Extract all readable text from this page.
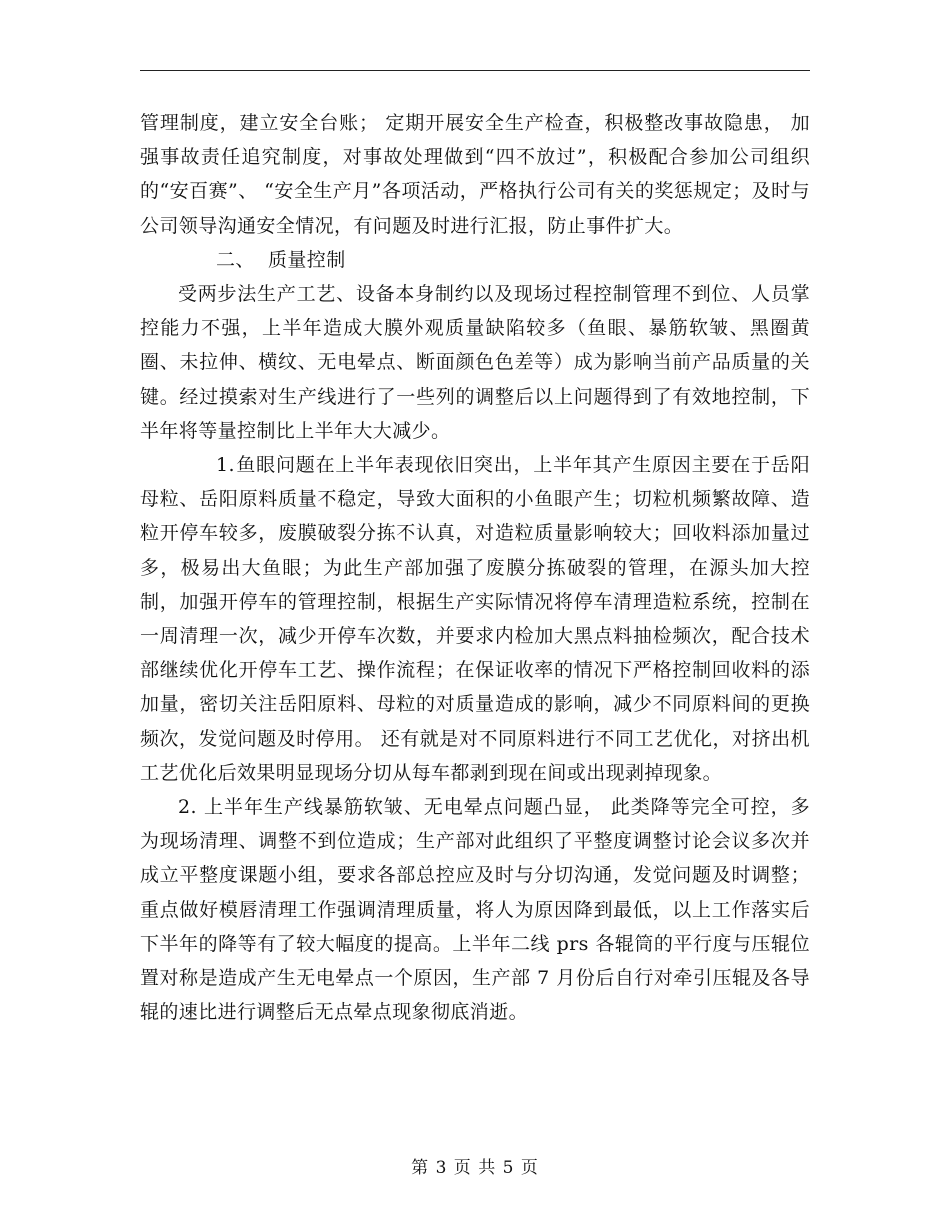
管理制度，建立安全台账； 定期开展安全生产检查，积极整改事故隐患， 加强事故责任追究制度，对事故处理做到“四不放过”，积极配合参加公司组织的“安百赛”、 “安全生产月”各项活动，严格执行公司有关的奖惩规定；及时与公司领导沟通安全情况，有问题及时进行汇报，防止事件扩大。

二、 质量控制

受两步法生产工艺、设备本身制约以及现场过程控制管理不到位、人员掌控能力不强，上半年造成大膜外观质量缺陷较多（鱼眼、暴筋软皱、黑圈黄圈、未拉伸、横纹、无电晕点、断面颜色色差等）成为影响当前产品质量的关键。经过摸索对生产线进行了一些列的调整后以上问题得到了有效地控制，下半年将等量控制比上半年大大减少。

1.鱼眼问题在上半年表现依旧突出，上半年其产生原因主要在于岳阳母粒、岳阳原料质量不稳定，导致大面积的小鱼眼产生；切粒机频繁故障、造粒开停车较多，废膜破裂分拣不认真，对造粒质量影响较大；回收料添加量过多，极易出大鱼眼；为此生产部加强了废膜分拣破裂的管理，在源头加大控制，加强开停车的管理控制，根据生产实际情况将停车清理造粒系统，控制在一周清理一次，减少开停车次数，并要求内检加大黑点料抽检频次，配合技术部继续优化开停车工艺、操作流程；在保证收率的情况下严格控制回收料的添加量，密切关注岳阳原料、母粒的对质量造成的影响，减少不同原料间的更换频次，发觉问题及时停用。 还有就是对不同原料进行不同工艺优化，对挤出机工艺优化后效果明显现场分切从每车都剥到现在间或出现剥掉现象。

2. 上半年生产线暴筋软皱、无电晕点问题凸显， 此类降等完全可控，多为现场清理、调整不到位造成；生产部对此组织了平整度调整讨论会议多次并成立平整度课题小组，要求各部总控应及时与分切沟通，发觉问题及时调整；重点做好模唇清理工作强调清理质量，将人为原因降到最低，以上工作落实后下半年的降等有了较大幅度的提高。上半年二线 prs 各辊筒的平行度与压辊位置对称是造成产生无电晕点一个原因，生产部 7 月份后自行对牵引压辊及各导辊的速比进行调整后无点晕点现象彻底消逝。

第 3 页 共 5 页
